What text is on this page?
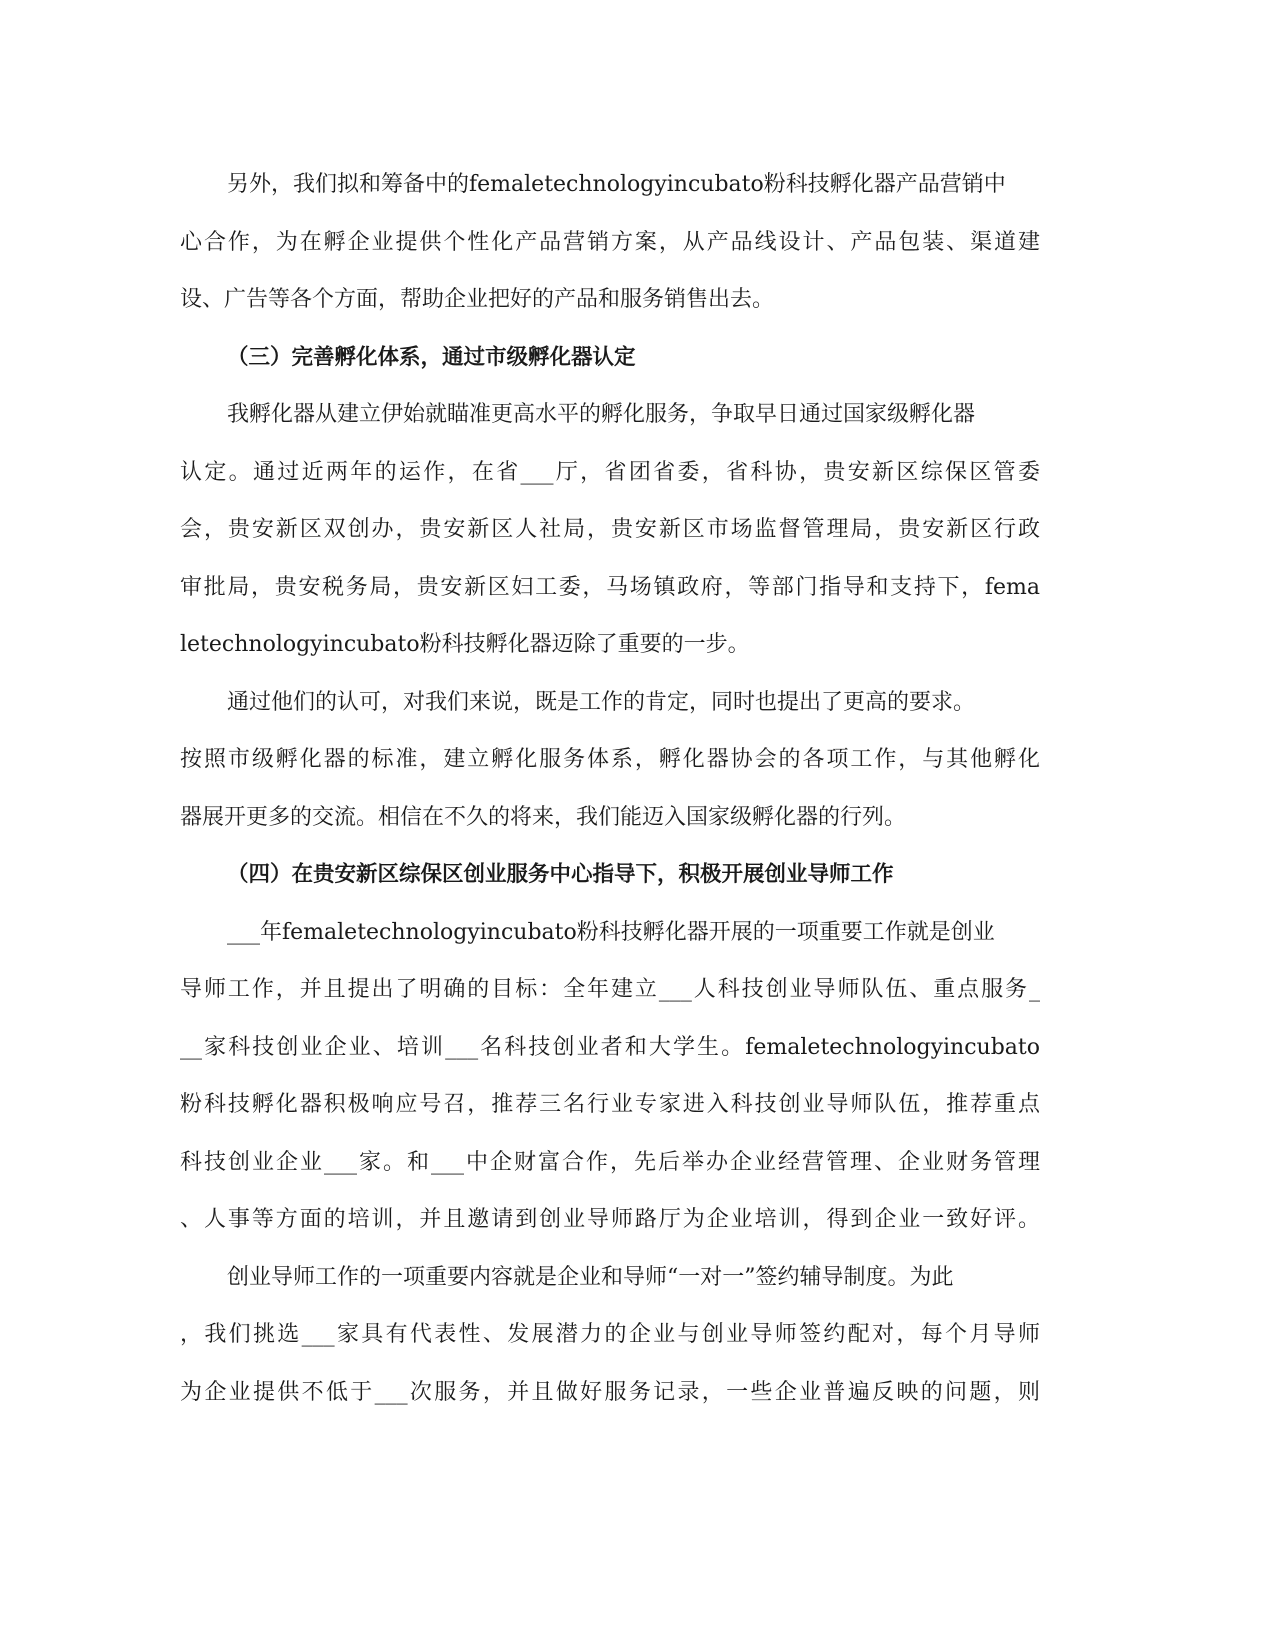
另外，我们拟和筹备中的femaletechnologyincubato粉科技孵化器产品营销中
心合作，为在孵企业提供个性化产品营销方案，从产品线设计、产品包装、渠道建
设、广告等各个方面，帮助企业把好的产品和服务销售出去。
（三）完善孵化体系，通过市级孵化器认定
我孵化器从建立伊始就瞄准更高水平的孵化服务，争取早日通过国家级孵化器
认定。通过近两年的运作，在省___厅，省团省委，省科协，贵安新区综保区管委
会，贵安新区双创办，贵安新区人社局，贵安新区市场监督管理局，贵安新区行政
审批局，贵安税务局，贵安新区妇工委，马场镇政府，等部门指导和支持下，fema
letechnologyincubato粉科技孵化器迈除了重要的一步。
通过他们的认可，对我们来说，既是工作的肯定，同时也提出了更高的要求。
按照市级孵化器的标准，建立孵化服务体系，孵化器协会的各项工作，与其他孵化
器展开更多的交流。相信在不久的将来，我们能迈入国家级孵化器的行列。
（四）在贵安新区综保区创业服务中心指导下，积极开展创业导师工作
___年femaletechnologyincubato粉科技孵化器开展的一项重要工作就是创业
导师工作，并且提出了明确的目标：全年建立___人科技创业导师队伍、重点服务_
__家科技创业企业、培训___名科技创业者和大学生。femaletechnologyincubato
粉科技孵化器积极响应号召，推荐三名行业专家进入科技创业导师队伍，推荐重点
科技创业企业___家。和___中企财富合作，先后举办企业经营管理、企业财务管理
、人事等方面的培训，并且邀请到创业导师路厅为企业培训，得到企业一致好评。
创业导师工作的一项重要内容就是企业和导师“一对一”签约辅导制度。为此
，我们挑选___家具有代表性、发展潜力的企业与创业导师签约配对，每个月导师
为企业提供不低于___次服务，并且做好服务记录，一些企业普遍反映的问题，则
